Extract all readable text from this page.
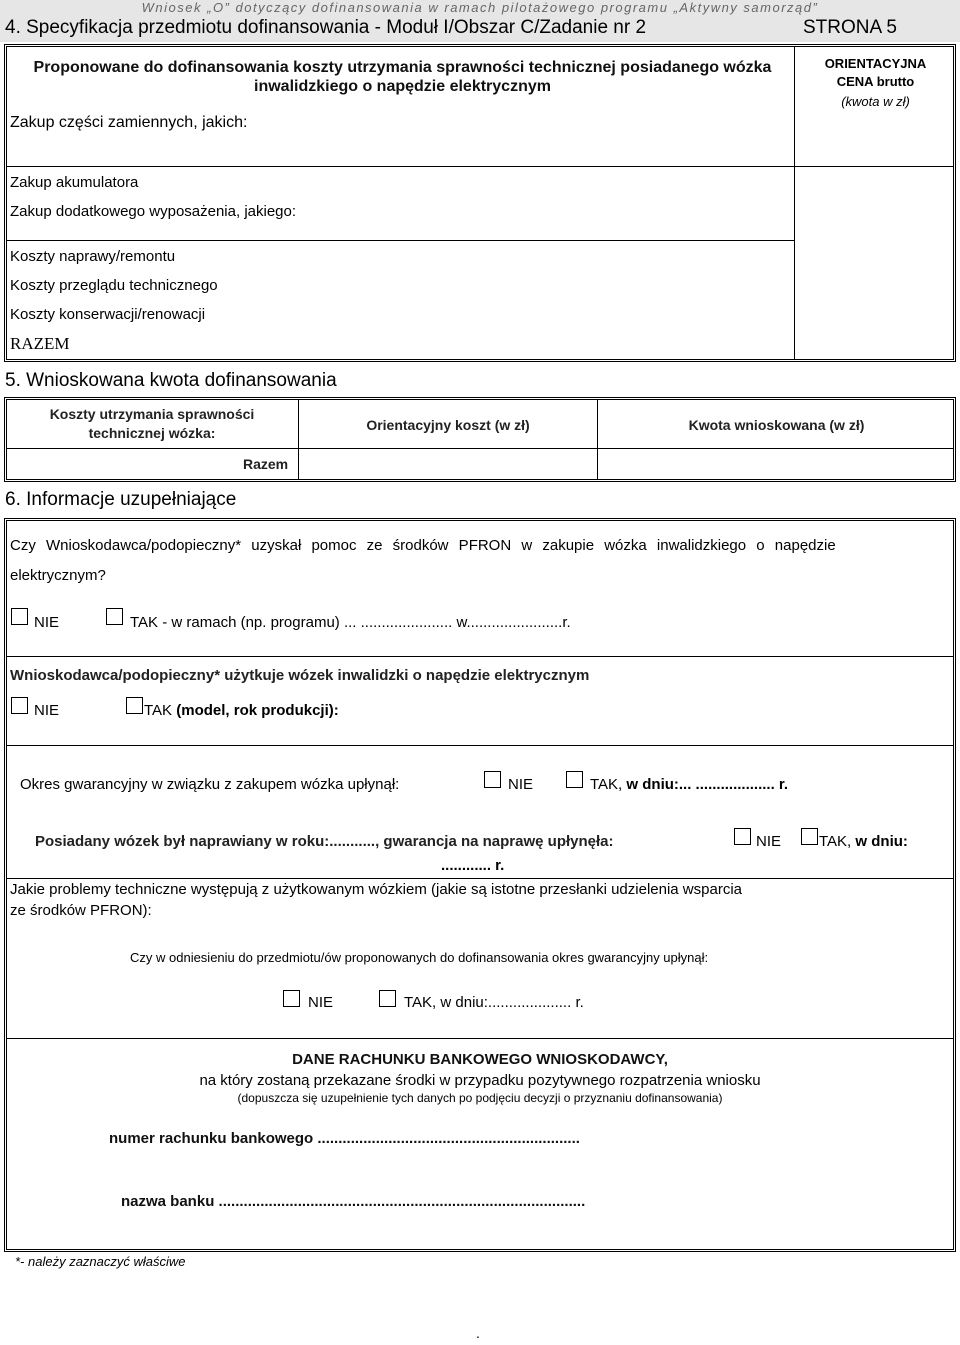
Wniosek „O” dotyczący dofinansowania w ramach pilotażowego programu „Aktywny samorząd”
4. Specyfikacja przedmiotu dofinansowania - Moduł I/Obszar C/Zadanie nr 2	STRONA 5
Proponowane do dofinansowania koszty utrzymania sprawności technicznej posiadanego wózka inwalidzkiego o napędzie elektrycznym
Zakup części zamiennych, jakich:
ORIENTACYJNA
CENA brutto
(kwota w zł)
Zakup akumulatora
Zakup dodatkowego wyposażenia, jakiego:
Koszty naprawy/remontu
Koszty przeglądu technicznego
Koszty konserwacji/renowacji
RAZEM
5. Wnioskowana kwota dofinansowania
Koszty utrzymania sprawności
technicznej wózka:	Orientacyjny koszt (w zł)	Kwota wnioskowana (w zł)
Razem
6. Informacje uzupełniające
Czy Wnioskodawca/podopieczny* uzyskał pomoc ze środków PFRON w zakupie wózka inwalidzkiego o napędzie
elektrycznym?
NIE	TAK - w ramach (np. programu) ... ...................... w.......................r.
Wnioskodawca/podopieczny* użytkuje wózek inwalidzki o napędzie elektrycznym
NIE	TAK (model, rok produkcji):
Okres gwarancyjny w związku z zakupem wózka upłynął:	NIE	TAK, w dniu:... ................... r.
Posiadany wózek był naprawiany w roku:..........., gwarancja na naprawę upłynęła:	NIE	TAK, w dniu:
............ r.
Jakie problemy techniczne występują z użytkowanym wózkiem (jakie są istotne przesłanki udzielenia wsparcia
ze środków PFRON):
Czy w odniesieniu do przedmiotu/ów proponowanych do dofinansowania okres gwarancyjny upłynął:
NIE	TAK, w dniu:.................... r.
DANE RACHUNKU BANKOWEGO WNIOSKODAWCY,
na który zostaną przekazane środki w przypadku pozytywnego rozpatrzenia wniosku
(dopuszcza się uzupełnienie tych danych po podjęciu decyzji o przyznaniu dofinansowania)
numer rachunku bankowego ...............................................................
nazwa banku ........................................................................................
*- należy zaznaczyć właściwe
.
